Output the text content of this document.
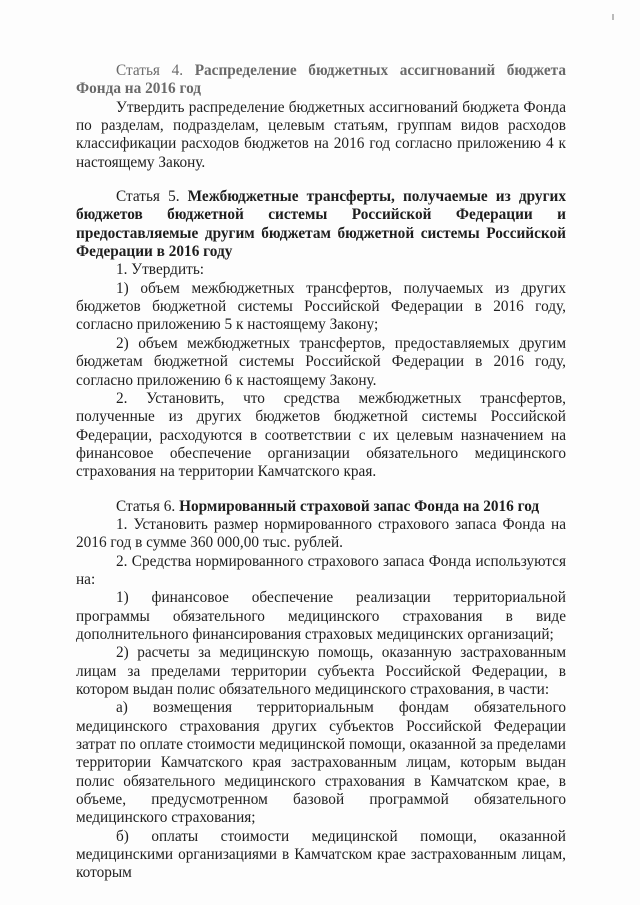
Статья 4. Распределение бюджетных ассигнований бюджета Фонда на 2016 год

Утвердить распределение бюджетных ассигнований бюджета Фонда по разделам, подразделам, целевым статьям, группам видов расходов классификации расходов бюджетов на 2016 год согласно приложению 4 к настоящему Закону.

Статья 5. Межбюджетные трансферты, получаемые из других бюджетов бюджетной системы Российской Федерации и предоставляемые другим бюджетам бюджетной системы Российской Федерации в 2016 году

1. Утвердить:

1) объем межбюджетных трансфертов, получаемых из других бюджетов бюджетной системы Российской Федерации в 2016 году, согласно приложению 5 к настоящему Закону;

2) объем межбюджетных трансфертов, предоставляемых другим бюджетам бюджетной системы Российской Федерации в 2016 году, согласно приложению 6 к настоящему Закону.

2. Установить, что средства межбюджетных трансфертов, полученные из других бюджетов бюджетной системы Российской Федерации, расходуются в соответствии с их целевым назначением на финансовое обеспечение организации обязательного медицинского страхования на территории Камчатского края.

Статья 6. Нормированный страховой запас Фонда на 2016 год

1. Установить размер нормированного страхового запаса Фонда на 2016 год в сумме 360 000,00 тыс. рублей.

2. Средства нормированного страхового запаса Фонда используются на:

1) финансовое обеспечение реализации территориальной программы обязательного медицинского страхования в виде дополнительного финансирования страховых медицинских организаций;

2) расчеты за медицинскую помощь, оказанную застрахованным лицам за пределами территории субъекта Российской Федерации, в котором выдан полис обязательного медицинского страхования, в части:

а) возмещения территориальным фондам обязательного медицинского страхования других субъектов Российской Федерации затрат по оплате стоимости медицинской помощи, оказанной за пределами территории Камчатского края застрахованным лицам, которым выдан полис обязательного медицинского страхования в Камчатском крае, в объеме, предусмотренном базовой программой обязательного медицинского страхования;

б) оплаты стоимости медицинской помощи, оказанной медицинскими организациями в Камчатском крае застрахованным лицам, которым
